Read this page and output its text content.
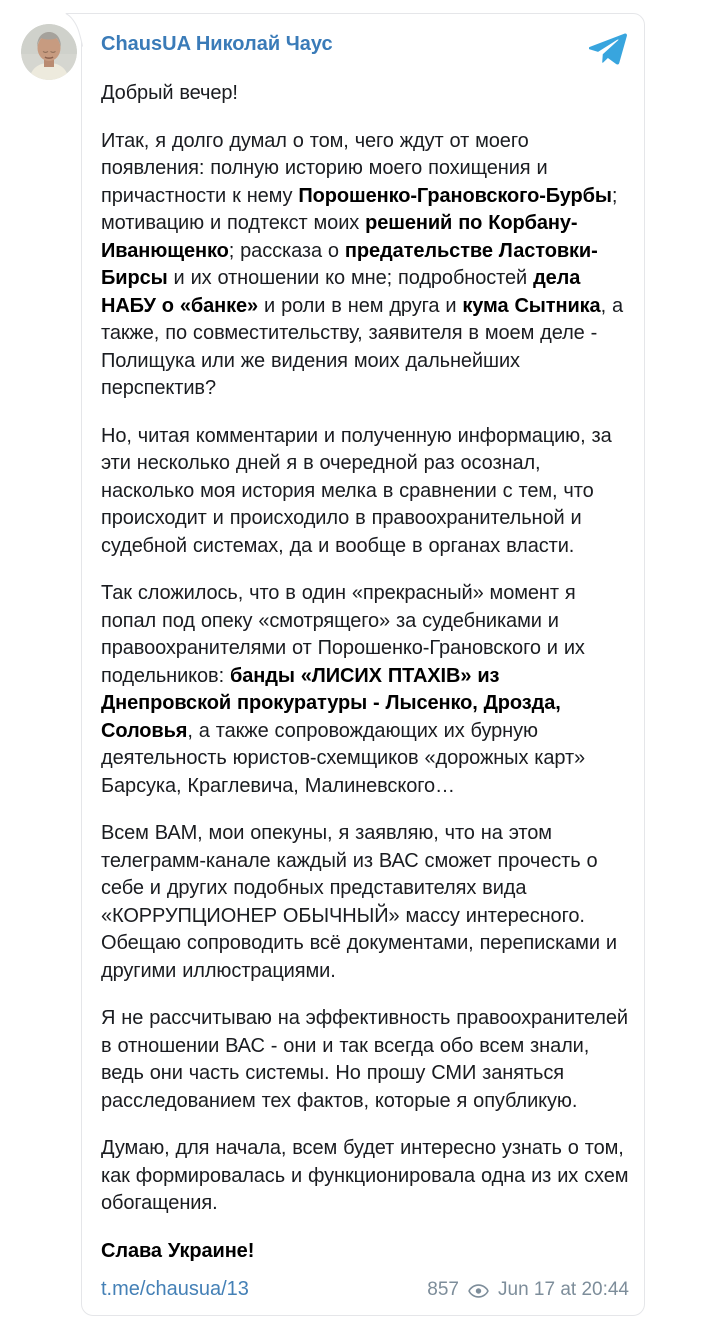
ChausUA Николай Чаус

Добрый вечер!

Итак, я долго думал о том, чего ждут от моего появления: полную историю моего похищения и причастности к нему Порошенко-Грановского-Бурбы; мотивацию и подтекст моих решений по Корбану-Иванющенко; рассказа о предательстве Ластовки-Бирсы и их отношении ко мне; подробностей дела НАБУ о «банке» и роли в нем друга и кума Сытника, а также, по совместительству, заявителя в моем деле - Полищука или же видения моих дальнейших перспектив?

Но, читая комментарии и полученную информацию, за эти несколько дней я в очередной раз осознал, насколько моя история мелка в сравнении с тем, что происходит и происходило в правоохранительной и судебной системах, да и вообще в органах власти.

Так сложилось, что в один «прекрасный» момент я попал под опеку «смотрящего» за судебниками и правоохранителями от Порошенко-Грановского и их подельников: банды «ЛИСИХ ПТАХІВ» из Днепровской прокуратуры - Лысенко, Дрозда, Соловья, а также сопровождающих их бурную деятельность юристов-схемщиков «дорожных карт» Барсука, Краглевича, Малиневского…

Всем ВАМ, мои опекуны, я заявляю, что на этом телеграмм-канале каждый из ВАС сможет прочесть о себе и других подобных представителях вида «КОРРУПЦИОНЕР ОБЫЧНЫЙ» массу интересного. Обещаю сопроводить всё документами, переписками и другими иллюстрациями.

Я не рассчитываю на эффективность правоохранителей в отношении ВАС - они и так всегда обо всем знали, ведь они часть системы. Но прошу СМИ заняться расследованием тех фактов, которые я опубликую.

Думаю, для начала, всем будет интересно узнать о том, как формировалась и функционировала одна из их схем обогащения.

Слава Украине!

t.me/chausua/13	857 Jun 17 at 20:44
